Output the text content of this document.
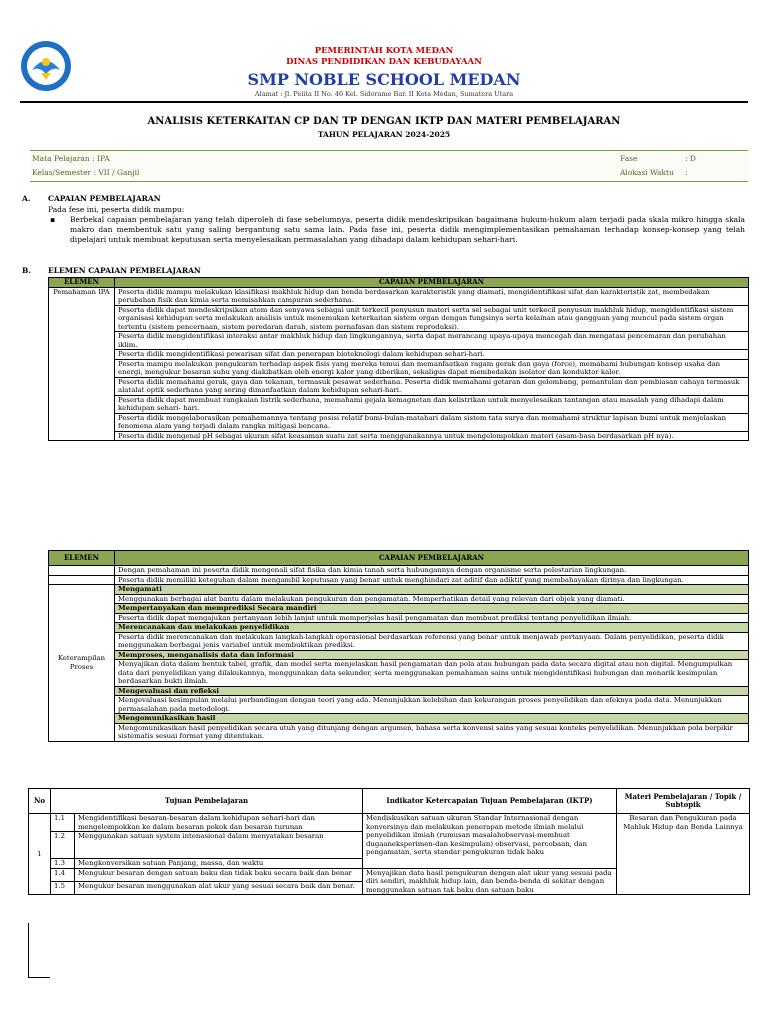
PEMERINTAH KOTA MEDAN
DINAS PENDIDIKAN DAN KEBUDAYAAN
SMP NOBLE SCHOOL MEDAN
Alamat : Jl. Pelita II No. 46 Kel. Sidorame Bar. II Kota Medan, Sumatera Utara
ANALISIS KETERKAITAN CP DAN TP DENGAN IKTP DAN MATERI PEMBELAJARAN
TAHUN PELAJARAN 2024-2025
Mata Pelajaran : IPA
Kelas/Semester : VII / Ganjil
Fase	: D
Alokasi Waktu :
A. CAPAIAN PEMBELAJARAN
Pada fese ini, peserta didik mampu:
▪ Berbekal capaian pembelajaran yang telah diperoleh di fase sebelumnya, peserta didik mendeskripsikan bagaimana hukum-hukum alam terjadi pada skala mikro hingga skala makro dan membentuk satu yang saling bergantung satu sama lain. Pada fase ini, peserta didik mengimplementasikan pemahaman terhadap konsep-konsep yang telah dipelajari untuk membuat keputusan serta menyelesaikan permasalahan yang dihadapi dalam kehidupan sehari-hari.
B. ELEMEN CAPAIAN PEMBELAJARAN
ELEMEN	CAPAIAN PEMBELAJARAN
Pemahaman IPA	Peserta didik mampu melakukan klasifikasi makhluk hidup dan benda berdasarkan karakteristik yang diamati, mengidentifikasi sifat dan karakteristik zat, membedakan perubahan fisik dan kimia serta memisahkan campuran sederhana.
	Peserta didik dapat mendeskripsikan atom dan senyawa sebagai unit terkecil penyusun materi serta sel sebagai unit terkecil penyusun makhluk hidup, mengidentifikasi sistem organisasi kehidupan serta melakukan analisis untuk menemukan keterkaitan sistem organ dengan fungsinya serta kelainan atau gangguan yang muncul pada sistem organ tertentu (sistem pencernaan, sistem peredaran darah, sistem pernafasan dan sistem reproduksi).
	Peserta didik mengidentifikasi interaksi antar makhluk hidup dan lingkungannya, serta dapat merancang upaya-upaya mencegah dan mengatasi pencemaran dan perubahan iklim.
	Peserta didik mengidentifikasi pewarisan sifat dan penerapan bioteknologi dalam kehidupan sehari-hari.
	Peserta mampu melakukan pengukuran terhadap aspek fisis yang mereka temui dan memanfaatkan ragam gerak dan gaya (force), memahami hubungan konsep usaha dan energi, mengukur besaran suhu yang diakibatkan oleh energi kalor yang diberikan, sekaligus dapat membedakan isolator dan konduktor kalor.
	Peserta didik memahami gerak, gaya dan tekanan, termasuk pesawat sederhana. Peserta didik memahami getaran dan gelombang, pemantulan dan pembiasan cahaya termasuk alatalat optik sederhana yang sering dimanfaatkan dalam kehidupan sehari-hari.
	Peserta didik dapat membuat rangkaian listrik sederhana, memahami gejala kemagnetan dan kelistrikan untuk menyelesaikan tantangan atau masalah yang dihadapi dalam kehidupan sehari- hari.
	Peserta didik mengelaborasikan pemahamannya tentang posisi relatif bumi-bulan-matahari dalam sistem tata surya dan memahami struktur lapisan bumi untuk menjelaskan fenomena alam yang terjadi dalam rangka mitigasi bencana.
	Peserta didik mengenal pH sebagai ukuran sifat keasaman suatu zat serta menggunakannya untuk mengelompokkan materi (asam-basa berdasarkan pH nya).
ELEMEN	CAPAIAN PEMBELAJARAN
	Dengan pemahaman ini peserta didik mengenali sifat fisika dan kimia tanah serta hubungannya dengan organisme serta pelestarian lingkungan.
	Peserta didik memiliki keteguhan dalam mengambil keputusan yang benar untuk menghindari zat aditif dan adiktif yang membahayakan dirinya dan lingkungan.
Keterampilan Proses	Mengamati
	Menggunakan berbagai alat bantu dalam melakukan pengukuran dan pengamatan. Memperhatikan detail yang relevan dari objek yang diamati.
	Mempertanyakan dan memprediksi Secara mandiri
	Peserta didik dapat mengajukan pertanyaan lebih lanjut untuk memperjelas hasil pengamatan dan membuat prediksi tentang penyelidikan ilmiah.
	Merencanakan dan melakukan penyelidikan
	Peserta didik merencanakan dan melakukan langkah-langkah operasional berdasarkan referensi yang benar untuk menjawab pertanyaan. Dalam penyelidikan, peserta didik menggunakan berbagai jenis variabel untuk membuktikan prediksi.
	Memproses, menganalisis data dan informasi
	Menyajikan data dalam bentuk tabel, grafik, dan model serta menjelaskan hasil pengamatan dan pola atau hubungan pada data secara digital atau non digital. Mengumpulkan data dari penyelidikan yang dilakukannya, menggunakan data sekunder, serta menggunakan pemahaman sains untuk mengidentifikasi hubungan dan menarik kesimpulan berdasarkan bukti ilmiah.
	Mengevaluasi dan refleksi
	Mengevaluasi kesimpulan melalui perbandingan dengan teori yang ada. Menunjukkan kelebihan dan kekurangan proses penyelidikan dan efeknya pada data. Menunjukkan permasalahan pada metodologi.
	Mengomunikasikan hasil
	Mengomunikasikan hasil penyelidikan secara utuh yang ditunjang dengan argumen, bahasa serta konvensi sains yang sesuai konteks penyelidikan. Menunjukkan pola berpikir sistematis sesuai format yang ditentukan.
No	Tujuan Pembelajaran		Indikator Ketercapaian Tujuan Pembelajaran (IKTP)	Materi Pembelajaran / Topik / Subtopik
1	1.1	Mengidentifikasi besaran-besaran dalam kehidupan sehari-hari dan mengelompokkan ke dalam besaran pokok dan besaran turunan	Mendiskusikan satuan ukuran Standar Internasional dengan konversinya dan melakukan penerapan metode ilmiah melalui penyelidikan ilmiah (rumusan masalahobservasi-membuat dugaaneksperimen-dan kesimpulan) observasi, percobaan, dan pengamatan, serta standar pengukuran tidak baku	Besaran dan Pengukuran pada Mahluk Hidup dan Benda Lainnya
	1.2	Menggunakan satuan system intenasional dalam menyatakan besaran		
	1.3	Mengkonversikan satuan Panjang, massa, dan waktu		
	1.4	Mengukur besaran dengan satuan baku dan tidak baku secara baik dan benar	Menyajikan data hasil pengukuran dengan alat ukur yang sesuai pada diri sendiri, makhluk hidup lain, dan benda-benda di sekitar dengan menggunakan satuan tak baku dan satuan baku	
	1.5	Mengukur besaran menggunakan alat ukur yang sesuai secara baik dan benar.		
